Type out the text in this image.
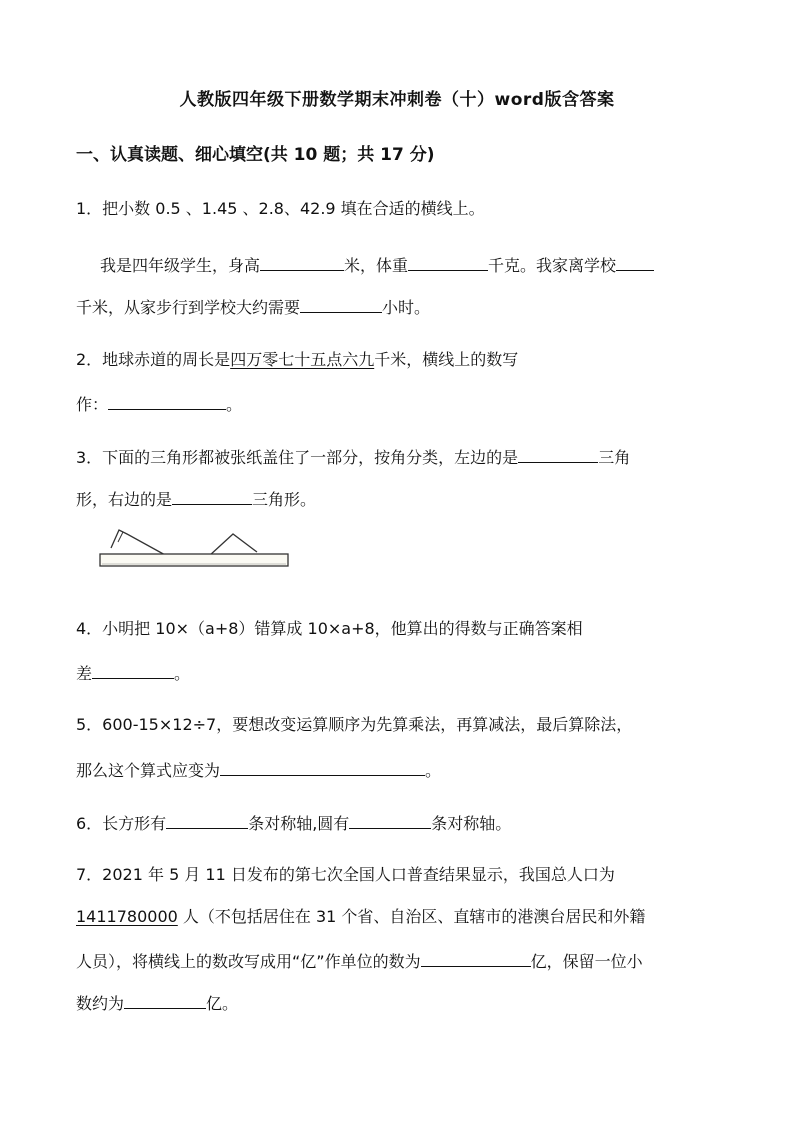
人教版四年级下册数学期末冲刺卷（十）word版含答案
一、认真读题、细心填空(共 10 题；共 17 分)
1．把小数 0.5 、1.45 、2.8、42.9 填在合适的横线上。
我是四年级学生，身高	米，体重	千克。我家离学校
千米，从家步行到学校大约需要	小时。
2．地球赤道的周长是四万零七十五点六九千米，横线上的数写
作：	。
3．下面的三角形都被张纸盖住了一部分，按角分类，左边的是	三角
形，右边的是	三角形。
4．小明把 10×（a+8）错算成 10×a+8，他算出的得数与正确答案相
差	。
5．600-15×12÷7，要想改变运算顺序为先算乘法，再算减法，最后算除法，
那么这个算式应变为	。
6．长方形有	条对称轴,圆有	条对称轴。
7．2021 年 5 月 11 日发布的第七次全国人口普查结果显示，我国总人口为
1411780000 人（不包括居住在 31 个省、自治区、直辖市的港澳台居民和外籍
人员），将横线上的数改写成用“亿”作单位的数为	亿，保留一位小
数约为	亿。
